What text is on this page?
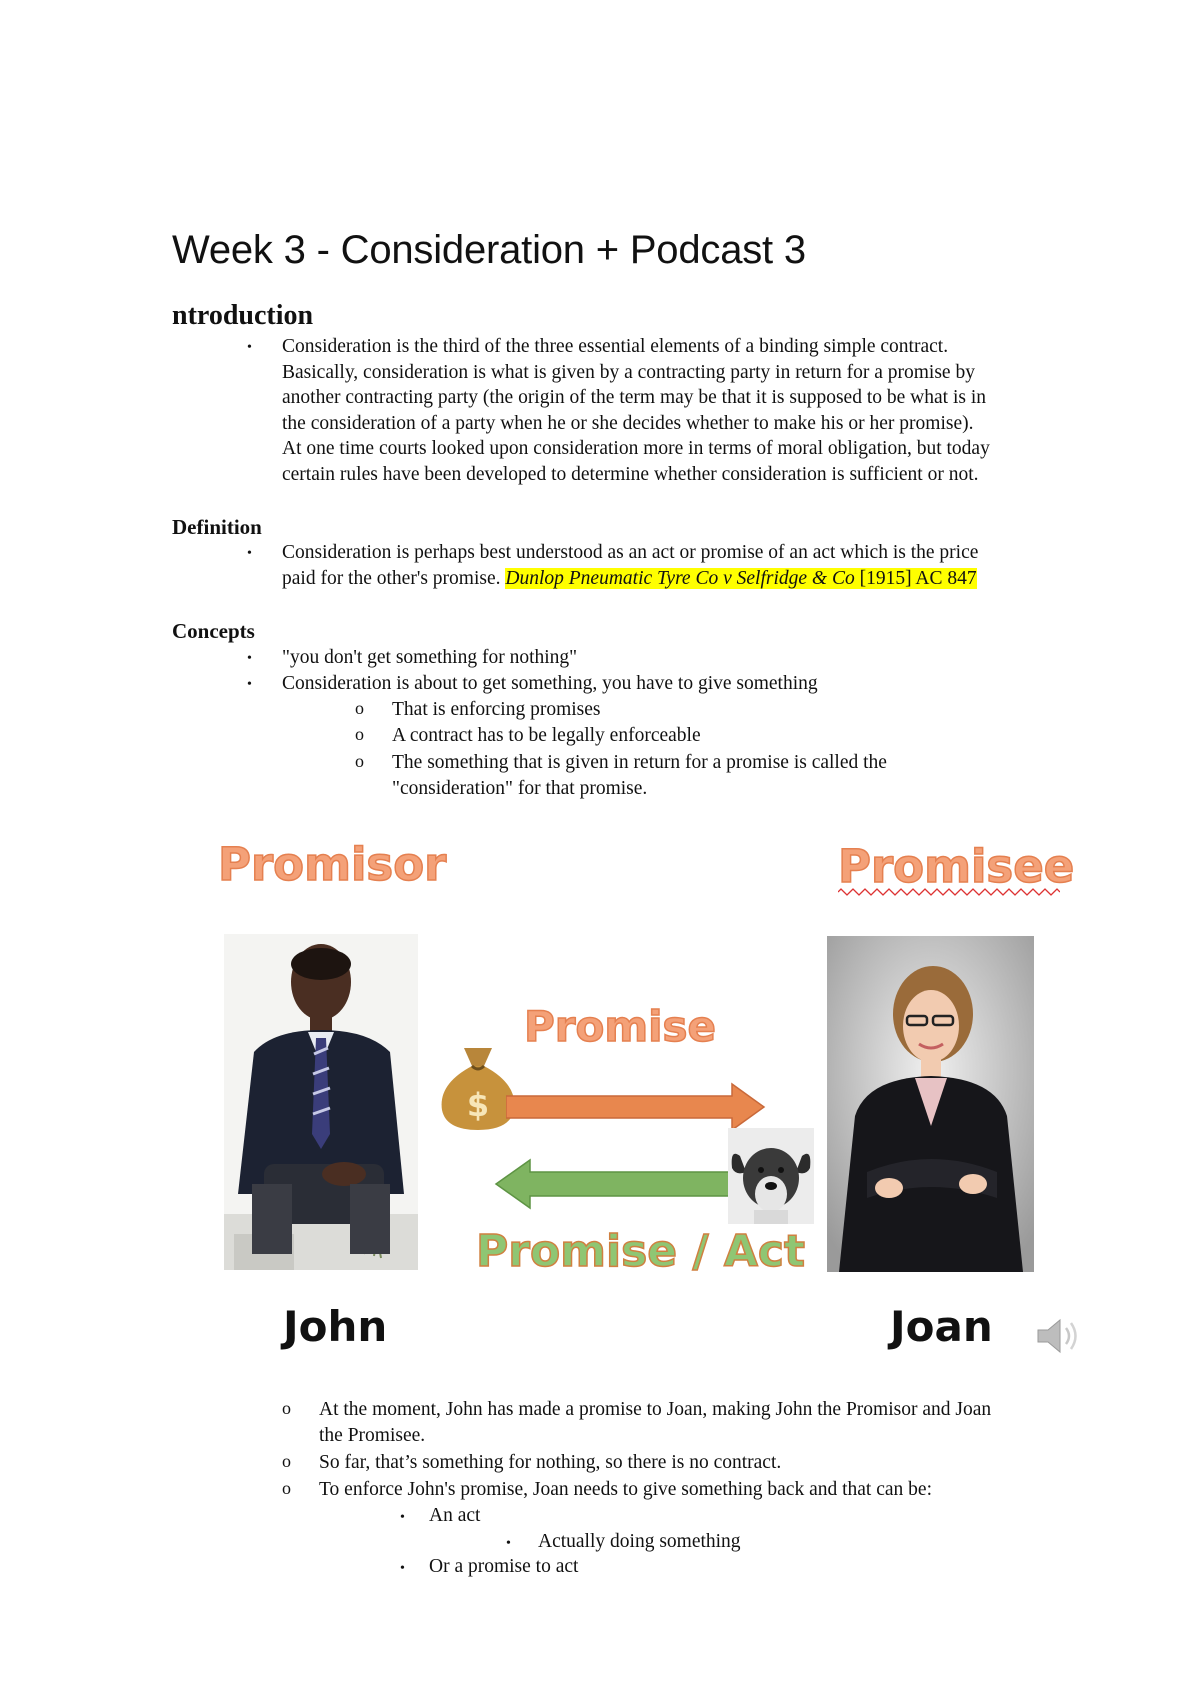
Week 3 - Consideration + Podcast 3
ntroduction
• Consideration is the third of the three essential elements of a binding simple contract.
Basically, consideration is what is given by a contracting party in return for a promise by
another contracting party (the origin of the term may be that it is supposed to be what is in
the consideration of a party when he or she decides whether to make his or her promise).
At one time courts looked upon consideration more in terms of moral obligation, but today
certain rules have been developed to determine whether consideration is sufficient or not.
Definition
• Consideration is perhaps best understood as an act or promise of an act which is the price
paid for the other's promise. Dunlop Pneumatic Tyre Co v Selfridge & Co [1915] AC 847
Concepts
• "you don't get something for nothing"
• Consideration is about to get something, you have to give something
o That is enforcing promises
o A contract has to be legally enforceable
o The something that is given in return for a promise is called the
"consideration" for that promise.
Promisor	Promisee
$
Promise
Promise / Act
John	Joan
o At the moment, John has made a promise to Joan, making John the Promisor and Joan
the Promisee.
o So far, that’s something for nothing, so there is no contract.
o To enforce John's promise, Joan needs to give something back and that can be:
• An act
• Actually doing something
• Or a promise to act
